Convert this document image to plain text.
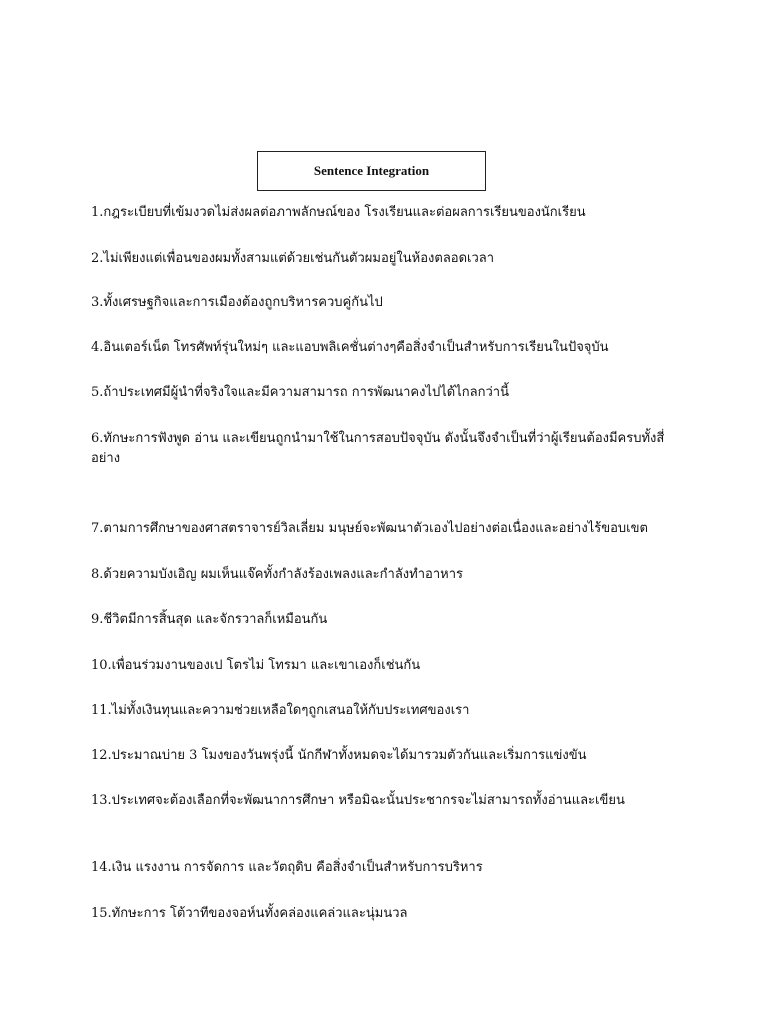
Sentence Integration
1.กฎระเบียบที่เข้มงวดไม่ส่งผลต่อภาพลักษณ์ของ โรงเรียนและต่อผลการเรียนของนักเรียน
2.ไม่เพียงแต่เพื่อนของผมทั้งสามแต่ด้วยเช่นกันตัวผมอยู่ในห้องตลอดเวลา
3.ทั้งเศรษฐกิจและการเมืองต้องถูกบริหารควบคู่กันไป
4.อินเตอร์เน็ต โทรศัพท์รุ่นใหม่ๆ และแอบพลิเคชั่นต่างๆคือสิ่งจำเป็นสำหรับการเรียนในปัจจุบัน
5.ถ้าประเทศมีผู้นำที่จริงใจและมีความสามารถ การพัฒนาคงไปได้ไกลกว่านี้
6.ทักษะการฟังพูด อ่าน และเขียนถูกนำมาใช้ในการสอบปัจจุบัน ดังนั้นจึงจำเป็นที่ว่าผู้เรียนต้องมีครบทั้งสี่อย่าง
7.ตามการศึกษาของศาสตราจารย์วิลเลี่ยม มนุษย์จะพัฒนาตัวเองไปอย่างต่อเนื่องและอย่างไร้ขอบเขต
8.ด้วยความบังเอิญ ผมเห็นแจ๊คทั้งกำลังร้องเพลงและกำลังทำอาหาร
9.ชีวิตมีการสิ้นสุด และจักรวาลก็เหมือนกัน
10.เพื่อนร่วมงานของเป โตรไม่ โทรมา และเขาเองก็เช่นกัน
11.ไม่ทั้งเงินทุนและความช่วยเหลือใดๆถูกเสนอให้กับประเทศของเรา
12.ประมาณบ่าย 3 โมงของวันพรุ่งนี้ นักกีฬาทั้งหมดจะได้มารวมตัวกันและเริ่มการแข่งขัน
13.ประเทศจะต้องเลือกที่จะพัฒนาการศึกษา หรือมิฉะนั้นประชากรจะไม่สามารถทั้งอ่านและเขียน
14.เงิน แรงงาน การจัดการ และวัตถุดิบ คือสิ่งจำเป็นสำหรับการบริหาร
15.ทักษะการ โต้วาทีของจอห์นทั้งคล่องแคล่วและนุ่มนวล
